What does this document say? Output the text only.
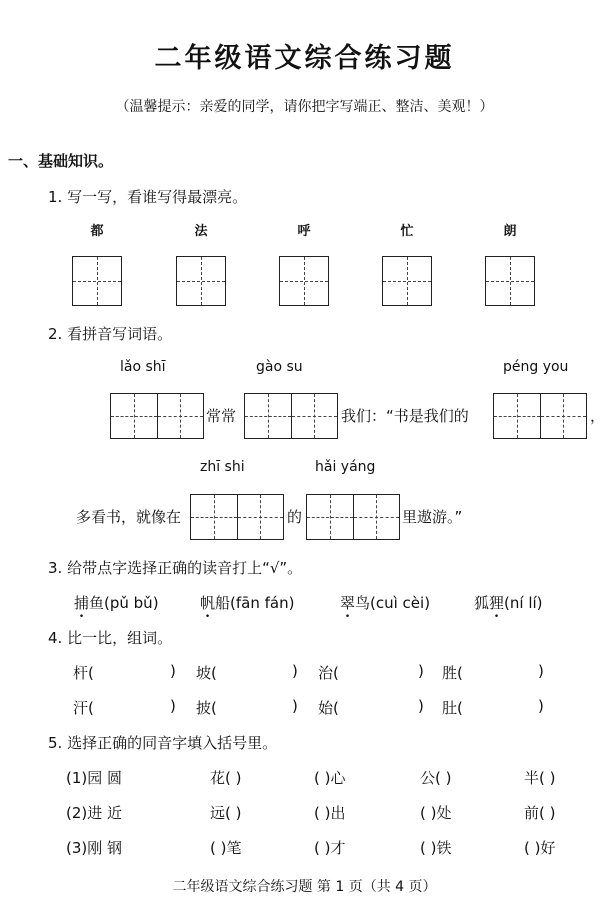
二年级语文综合练习题
（温馨提示：亲爱的同学，请你把字写端正、整洁、美观！）
一、基础知识。
1. 写一写，看谁写得最漂亮。
都	法	呼	忙	朗
2. 看拼音写词语。
lǎo shī	gào su	péng you
常常	我们：“书是我们的	，
zhī shi	hǎi yáng
多看书，就像在	的	里遨游。”
3. 给带点字选择正确的读音打上“√”。
捕鱼(pǔ bǔ)	帆船(fān fán)	翠鸟(cuì cèi)	狐狸(ní lí)
4. 比一比，组词。
杆(	) 坡(	) 治(	) 胜(	)
汗(	) 披(	) 始(	) 肚(	)
5. 选择正确的同音字填入括号里。
(1)园 圆	花( )	( )心	公( )	半( )
(2)进 近	远( )	( )出	( )处	前( )
(3)刚 钢	( )笔	( )才	( )铁	( )好
二年级语文综合练习题 第 1 页（共 4 页）
